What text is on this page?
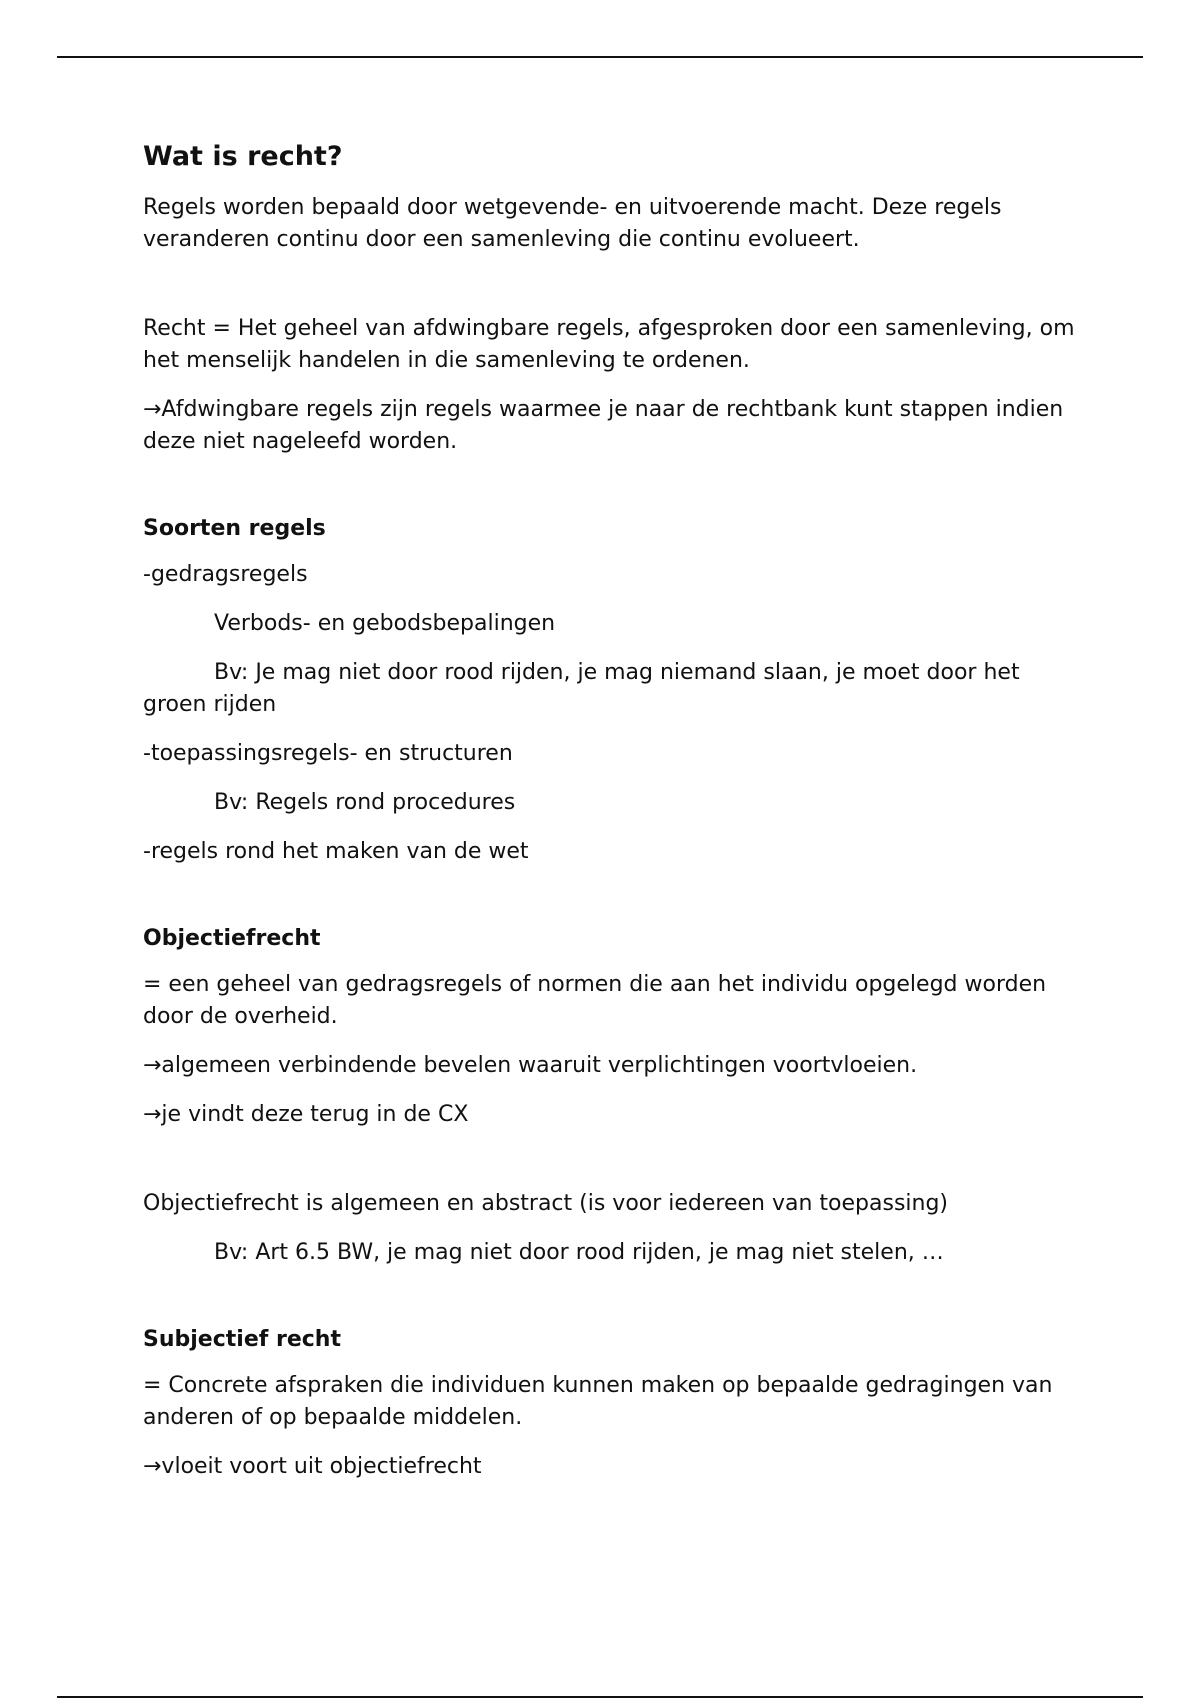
Wat is recht?

Regels worden bepaald door wetgevende- en uitvoerende macht. Deze regels veranderen continu door een samenleving die continu evolueert.

Recht = Het geheel van afdwingbare regels, afgesproken door een samenleving, om het menselijk handelen in die samenleving te ordenen.

→Afdwingbare regels zijn regels waarmee je naar de rechtbank kunt stappen indien deze niet nageleefd worden.

Soorten regels

-gedragsregels

Verbods- en gebodsbepalingen

Bv: Je mag niet door rood rijden, je mag niemand slaan, je moet door het groen rijden

-toepassingsregels- en structuren

Bv: Regels rond procedures

-regels rond het maken van de wet

Objectiefrecht

= een geheel van gedragsregels of normen die aan het individu opgelegd worden door de overheid.

→algemeen verbindende bevelen waaruit verplichtingen voortvloeien.

→je vindt deze terug in de CX

Objectiefrecht is algemeen en abstract (is voor iedereen van toepassing)

Bv: Art 6.5 BW, je mag niet door rood rijden, je mag niet stelen, …

Subjectief recht

= Concrete afspraken die individuen kunnen maken op bepaalde gedragingen van anderen of op bepaalde middelen.

→vloeit voort uit objectiefrecht
